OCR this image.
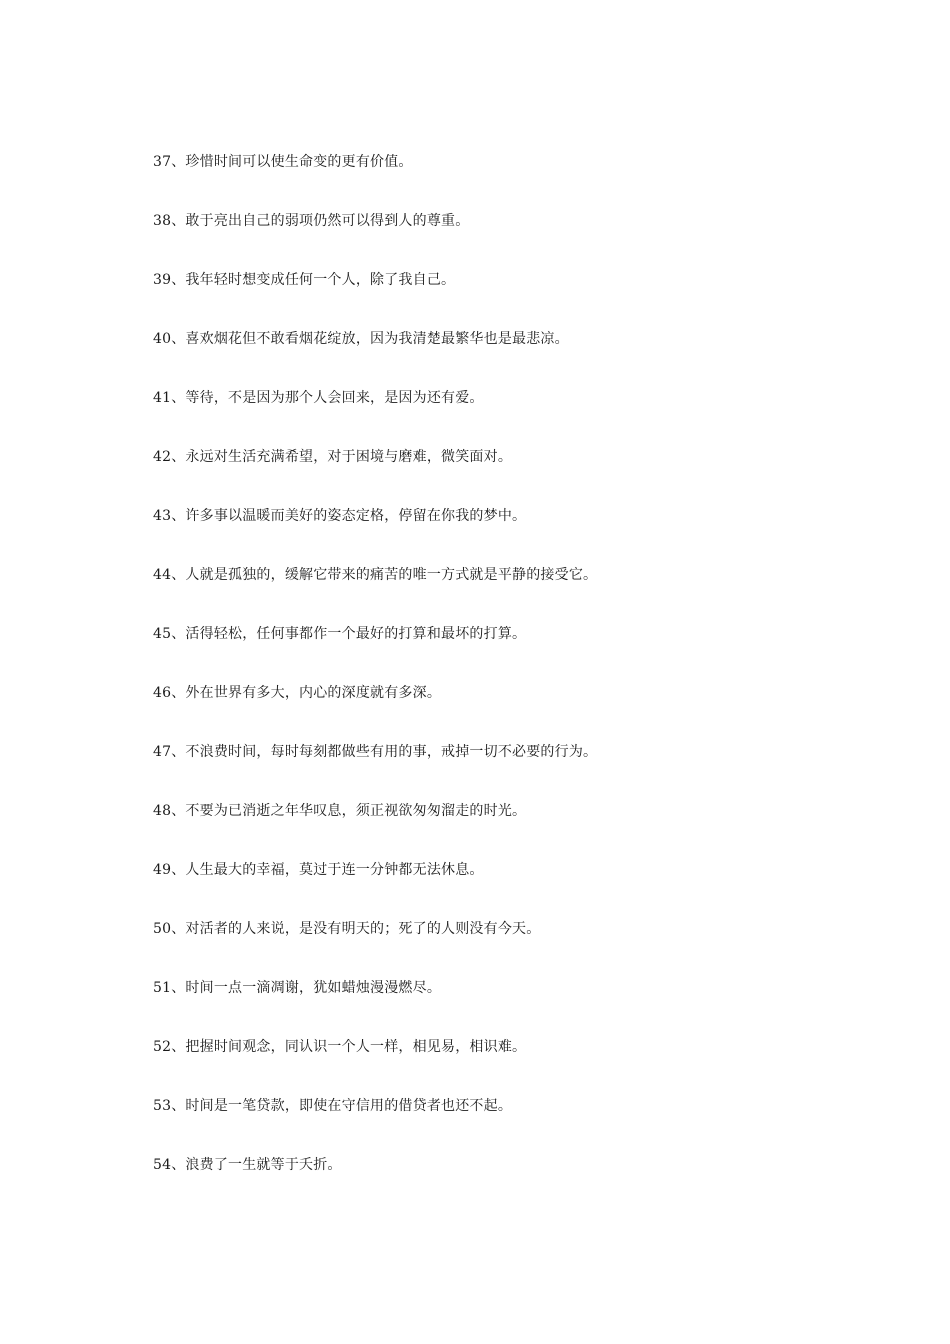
37、珍惜时间可以使生命变的更有价值。
38、敢于亮出自己的弱项仍然可以得到人的尊重。
39、我年轻时想变成任何一个人，除了我自己。
40、喜欢烟花但不敢看烟花绽放，因为我清楚最繁华也是最悲凉。
41、等待，不是因为那个人会回来，是因为还有爱。
42、永远对生活充满希望，对于困境与磨难，微笑面对。
43、许多事以温暖而美好的姿态定格，停留在你我的梦中。
44、人就是孤独的，缓解它带来的痛苦的唯一方式就是平静的接受它。
45、活得轻松，任何事都作一个最好的打算和最坏的打算。
46、外在世界有多大，内心的深度就有多深。
47、不浪费时间，每时每刻都做些有用的事，戒掉一切不必要的行为。
48、不要为已消逝之年华叹息，须正视欲匆匆溜走的时光。
49、人生最大的幸福，莫过于连一分钟都无法休息。
50、对活者的人来说，是没有明天的；死了的人则没有今天。
51、时间一点一滴凋谢，犹如蜡烛漫漫燃尽。
52、把握时间观念，同认识一个人一样，相见易，相识难。
53、时间是一笔贷款，即使在守信用的借贷者也还不起。
54、浪费了一生就等于夭折。
